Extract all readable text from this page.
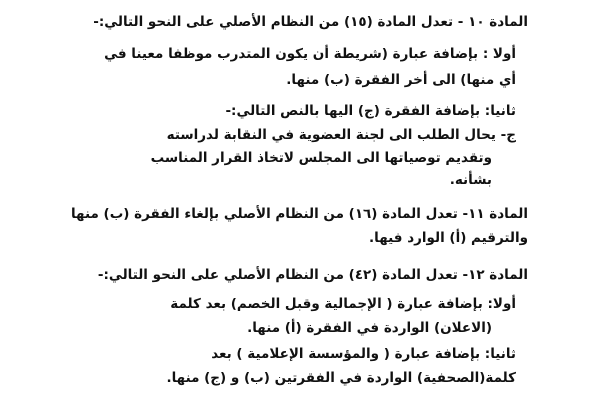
المادة ١٠ - تعدل المادة (١٥) من النظام الأصلي على النحو التالي:-
أولا : بإضافة عبارة (شريطة أن يكون المتدرب موظفا معينا في
أي منها) الى أخر الفقرة (ب) منها.
ثانيا: بإضافة الفقرة (ج) اليها بالنص التالي:-
ج- يحال الطلب الى لجنة العضوية في النقابة لدراسته
وتقديم توصياتها الى المجلس لاتخاذ القرار المناسب
بشأنه.
المادة ١١- تعدل المادة (١٦) من النظام الأصلي بإلغاء الفقرة (ب) منها
والترقيم (أ) الوارد فيها.
المادة ١٢- تعدل المادة (٤٢) من النظام الأصلي على النحو التالي:-
أولا: بإضافة عبارة ( الإجمالية وقبل الخصم) بعد كلمة
(الاعلان) الواردة في الفقرة (أ) منها.
ثانيا: بإضافة عبارة ( والمؤسسة الإعلامية ) بعد
كلمة(الصحفية) الواردة في الفقرتين (ب) و (ج) منها.
